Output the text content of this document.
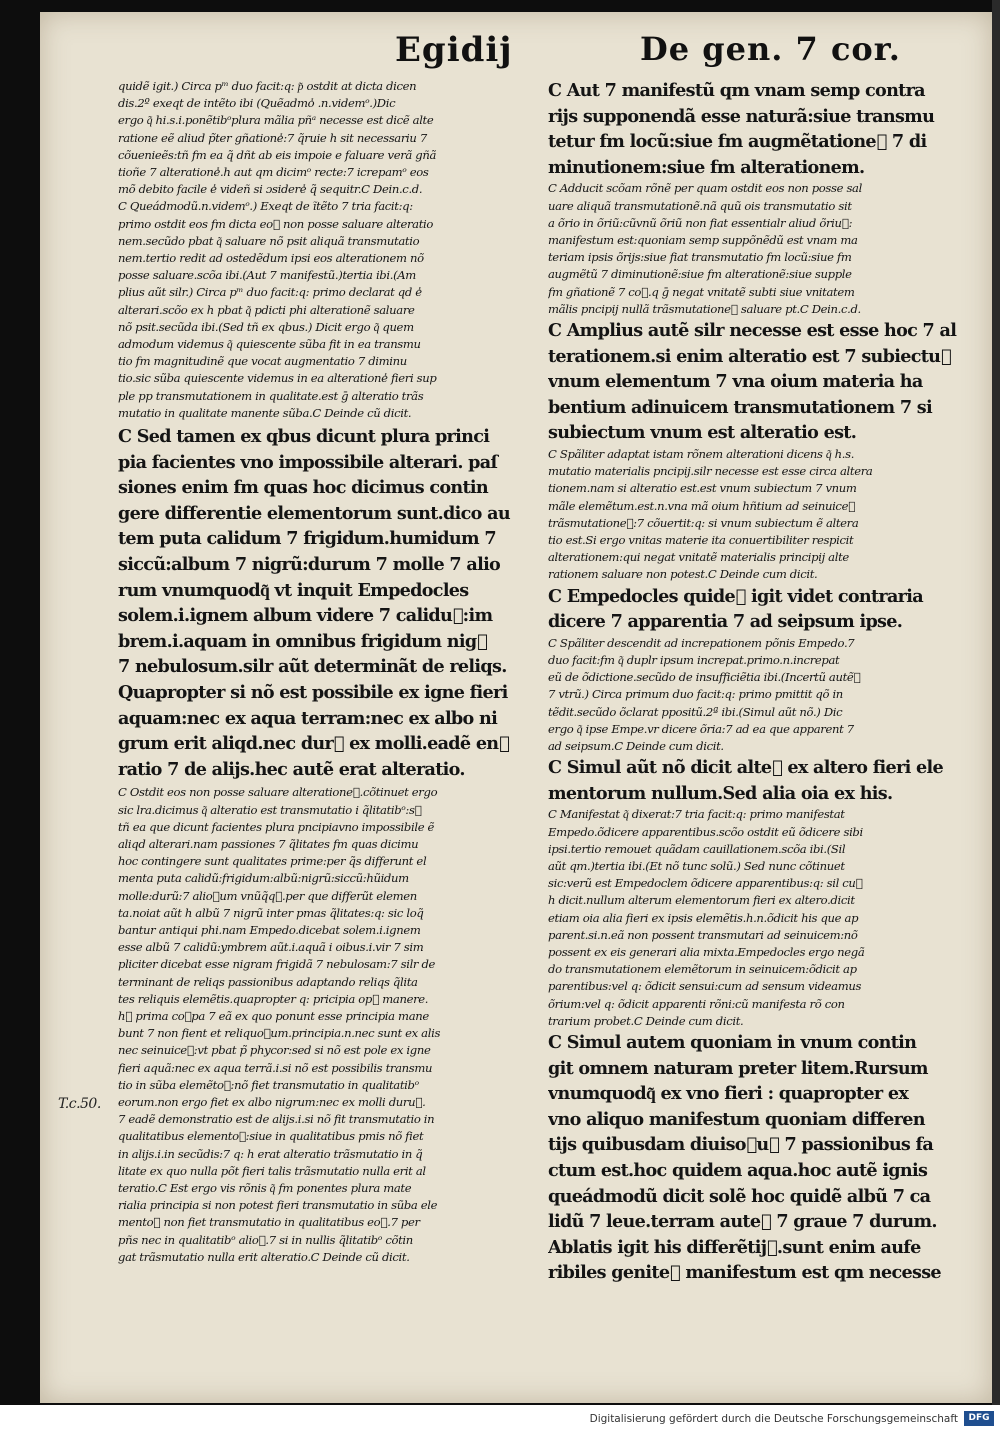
Egidij	De gen. 7 cor.

quidẽ igit.) Circa pᵐ duo facit:q: p͂ ostdit at dicta dicen

dis.2º exeqt de intẽto ibi (Quẽadmo̾ .n.videmᵒ.)Dic

ergo q͂ hi.s.i.ponẽtibᵒplura mãlia pñᵃ necesse est dicẽ alte

ratione eẽ aliud p̃ter gñatione̾:7 q̃ruie h sit necessariu 7

cõuenieẽs:tñ fm ea q̃ dñt ab eis impoie e faluare verã gñã

tioñe 7 alteratione̾.h aut qm dicimᵒ recte:7 icrepamᵒ eos

mõ debito facile e̾ videñ si ɔsidere̾ q̃ sequitr.C Dein.c.d.

C Queádmodũ.n.videmᵒ.) Exeqt de ĩtẽto 7 tria facit:q:

primo ostdit eos fm dicta eo᷑ non posse saluare alteratio

nem.secũdo pbat q͂ saluare nõ psit aliquã transmutatio

nem.tertio redit ad ostedẽdum ipsi eos alterationem nõ

posse saluare.scõa ibi.(Aut 7 manifestũ.)tertia ibi.(Am

plius aũt silr.) Circa pᵐ duo facit:q: primo declarat qd e̾

alterari.scõo ex h pbat q͂ pdicti phi alterationẽ saluare

nõ psit.secũda ibi.(Sed tñ ex qbus.) Dicit ergo q͂ quem

admodum videmus q͂ quiescente sũba fit in ea transmu

tio fm magnitudinẽ que vocat augmentatio 7 diminu

tio.sic sũba quiescente videmus in ea alteratione̾ fieri sup

ple pp transmutationem in qualitate.est ḡ alteratio trãs

mutatio in qualitate manente sũba.C Deinde cũ dicit.

C Sed tamen ex qbus dicunt plura princi

pia facientes vno impossibile alterari. paſ

siones enim fm quas hoc dicimus contin

gere differentie elementorum sunt.dico au

tem puta calidum 7 frigidum.humidum 7

siccũ:album 7 nigrũ:durum 7 molle 7 alio

rum vnumquodq͂ vt inquit Empedocles

solem.i.ignem album videre 7 calidu᷑:im

brem.i.aquam in omnibus frigidum nig᷑

7 nebulosum.silr aũt determinãt de reliqs.

Quapropter si nõ est possibile ex igne fieri

aquam:nec ex aqua terram:nec ex albo ni

grum erit aliqd.nec dur᷑ ex molli.eadẽ en᷑

ratio 7 de alijs.hec autẽ erat alteratio.

C Ostdit eos non posse saluare alteratione᷑.cõtinuet ergo

sic lra.dicimus q͂ alteratio est transmutatio i q̃litatibᵒ:s᷑

tñ ea que dicunt facientes plura pncipiavno impossibile ẽ

aliqd alterari.nam passiones 7 q̃litates fm quas dicimu

hoc contingere sunt qualitates prime:per q̃s differunt el

menta puta calidũ:frigidum:albũ:nigrũ:siccũ:hũidum

molle:durũ:7 alio᷑um vnũq̃q᷑.per que differũt elemen

ta.noiat aũt h albũ 7 nigrũ inter pmas q̃litates:q: sic loq̃

bantur antiqui phi.nam Empedo.dicebat solem.i.ignem

esse albũ 7 calidũ:ymbrem aũt.i.aquã i oibus.i.vir 7 sim

pliciter dicebat esse nigram frigidã 7 nebulosam:7 silr de

terminant de reliqs passionibus adaptando reliqs q̃lita

tes reliquis elemẽtis.quapropter q: pricipia op᷑ manere.

h᷑ prima co᷑pa 7 eã ex quo ponunt esse principia mane

bunt 7 non fient et reliquo᷑um.principia.n.nec sunt ex alis

nec seinuice᷑:vt pbat p̃ phycor:sed si nõ est pole ex igne

fieri aquã:nec ex aqua terrã.i.si nõ est possibilis transmu

tio in sũba elemẽto᷑:nõ fiet transmutatio in qualitatibᵒ

eorum.non ergo fiet ex albo nigrum:nec ex molli duru᷑.

7 eadẽ demonstratio est de alijs.i.si nõ fit transmutatio in

qualitatibus elemento᷑:siue in qualitatibus pmis nõ fiet

in alijs.i.in secũdis:7 q: h erat alteratio trãsmutatio in q̃

litate ex quo nulla põt fieri talis trãsmutatio nulla erit al

teratio.C Est ergo vis rõnis q͂ fm ponentes plura mate

rialia principia si non potest fieri transmutatio in sũba ele

mento᷑ non fiet transmutatio in qualitatibus eo᷑.7 per

pñs nec in qualitatibᵒ alio᷑.7 si in nullis q̃litatibᵒ cõtin

gat trãsmutatio nulla erit alteratio.C Deinde cũ dicit.

C Aut 7 manifestũ qm vnam semp contra

rijs supponendã esse naturã:siue transmu

tetur fm locũ:siue fm augmẽtatione᷑ 7 di

minutionem:siue fm alterationem.

C Adducit scõam rõnẽ per quam ostdit eos non posse sal

uare aliquã transmutationẽ.nã quũ ois transmutatio sit

a õrio in õriũ:cũvnũ õriũ non fiat essentialr aliud õriu᷑:

manifestum est:quoniam semp suppõnẽdũ est vnam ma

teriam ipsis õrijs:siue fiat transmutatio fm locũ:siue fm

augmẽtũ 7 diminutionẽ:siue fm alterationẽ:siue supple

fm gñationẽ 7 co᷑.q ḡ negat vnitatẽ subti siue vnitatem

mãlis pncipij nullã trãsmutatione᷑ saluare pt.C Dein.c.d.

C Amplius autẽ silr necesse est esse hoc 7 al

terationem.si enim alteratio est 7 subiectu᷑

vnum elementum 7 vna oium materia ha

bentium adinuicem transmutationem 7 si

subiectum vnum est alteratio est.

C Spãliter adaptat istam rõnem alterationi dicens q͂ h.s.

mutatio materialis pncipij.silr necesse est esse circa altera

tionem.nam si alteratio est.est vnum subiectum 7 vnum

mãle elemẽtum.est.n.vna mã oium hñtium ad seinuice᷑

trãsmutatione᷑:7 cõuertit:q: si vnum subiectum ẽ altera

tio est.Si ergo vnitas materie ita conuertibiliter respicit

alterationem:qui negat vnitatẽ materialis principij alte

rationem saluare non potest.C Deinde cum dicit.

C Empedocles quide᷑ igit videt contraria

dicere 7 apparentia 7 ad seipsum ipse.

C Spãliter descendit ad increpationem põnis Empedo.7

duo facit:fm q͂ duplr ipsum increpat.primo.n.increpat

eũ de õdictione.secũdo de insufficiẽtia ibi.(Incertũ autẽ᷑

7 vtrũ.) Circa primum duo facit:q: primo pmittit qõ in

tẽdit.secũdo õclarat ppositũ.2ª ibi.(Simul aũt nõ.) Dic

ergo q͂ ipse Empe.vr dicere õria:7 ad ea que apparent 7

ad seipsum.C Deinde cum dicit.

C Simul aũt nõ dicit alte᷑ ex altero fieri ele

mentorum nullum.Sed alia oia ex his.

C Manifestat q͂ dixerat:7 tria facit:q: primo manifestat

Empedo.õdicere apparentibus.scõo ostdit eũ õdicere sibi

ipsi.tertio remouet quãdam cauillationem.scõa ibi.(Sil

aũt qm.)tertia ibi.(Et nõ tunc solũ.) Sed nunc cõtinuet

sic:verũ est Empedoclem õdicere apparentibus:q: sil cu᷑

h dicit.nullum alterum elementorum fieri ex altero.dicit

etiam oia alia fieri ex ipsis elemẽtis.h.n.õdicit his que ap

parent.si.n.eã non possent transmutari ad seinuicem:nõ

possent ex eis generari alia mixta.Empedocles ergo negã

do transmutationem elemẽtorum in seinuicem:õdicit ap

parentibus:vel q: õdicit sensui:cum ad sensum videamus

õrium:vel q: õdicit apparenti rõni:cũ manifesta rõ con

trarium probet.C Deinde cum dicit.

C Simul autem quoniam in vnum contin

git omnem naturam preter litem.Rursum

vnumquodq͂ ex vno fieri : quapropter ex

vno aliquo manifestum quoniam differen

tijs quibusdam diuiso᷑u᷑ 7 passionibus fa

ctum est.hoc quidem aqua.hoc autẽ ignis

queádmodũ dicit solẽ hoc quidẽ albũ 7 ca

lidũ 7 leue.terram aute᷑ 7 graue 7 durum.

Ablatis igit his differẽtij᷑.sunt enim aufe

ribiles genite᷑ manifestum est qm necesse

T.c.50.
Digitalisierung gefördert durch die Deutsche Forschungsgemeinschaft	DFG
